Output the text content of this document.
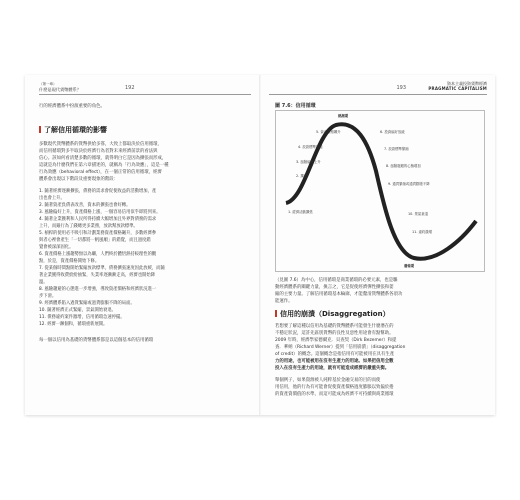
（第一章）
什麼是現代貨幣體系？	192
行的經濟體系中扮演重要的角色。
了解信用循環的影響
多數現代貨幣體系的貨幣供給多寡，大致上都取決於信用循環，
而信用循環對多半取決於經濟行為者對未來經濟前景的看法與
信心。該如何看清楚多數的循環，就得明白它是因為擴張而形成，
這就是為什麼我們在第六章描述的，就稱為「行為效應」，這是一種
行為效應（behavioral effect），在一個正常的信用循環，經濟
體系會出現以下階段及重要現象的階段：
1. 隨著經濟逐漸擴張，債務的需求會促使收益的活動增加，產
出也會上升。
2. 隨著資產負債表改善，資本的擴張也會好轉。
3. 風險偏好上升，資產價格上漲，一個容易信用似乎即將到來。
4. 隨著企業獲利和人民所得持續大幅增加且外界對債務的需求
上升，而銀行為了錢總更多業務，放款幫放款標準。
5. 槓桿的使用必不吸引和計劃業務資產價格飆升，多數經濟參
與者心裡會產生「一切都將一帆風順」的錯覺，而且過度錯
覺會被深深固化。
6. 資產價格上漲趨勢無以為繼，人們終於體悟熱持較理性的觀
點，於是，資產價格開始下修。
7. 從某個時間點開始緊縮放款標準，債務擴張速度因此放緩，而隨
著企業獲得收費紛紛抽緊，失業率逐漸漸走高，經濟也開始降
溫。
8. 風險趨避的心態進一步增強，導致資產價格和經濟狀況進一
步下滑。
9. 經濟體系陷入過貨緊縮或過貨膨脹不降的局面。
10. 隨著經濟正式緊縮，景氣開始衰退。
11. 債務違約案件激增，信用循環急速停擺。
12. 經濟一蹶個和，循環重新展開。
每一個以信用為基礎的貨幣體系都是以這個基本的信用循環
193
資本主義投資貨幣經濟
PRAGMATIC CAPITALISM
圖 7.6：信用循環
熱潮期
蕭條期
5. 資產價格飆升
4. 放款標準放鬆
3. 風險偏好上升
2. 擴張
1. 經濟活動擴張
6. 投資偏好放緩
7. 放款標準緊縮
8. 風險趨避的心態增加
9. 通貨緊縮或通貨膨脹不降
10. 景氣衰退
11. 違約激增
（見圖 7.6）為中心，信用循環是商業循環的必要元素，也是驅
動經濟體系的關鍵力量，換言之，它是促使經濟彈性擴張和萎
縮的主要力量。了解信用循環基本輪廓，才能釐清貨幣體系各項功
能運作。
信用的崩潰（Disaggregation）
若想要了解這種以信用為基礎的貨幣體系可能發生什麼潛在的
不穩定狀況，這許先區別貨幣的良性及惡性用途會有點幫助。
2009 年時，經濟學家德爾克．貝查契（Dirk Bezemer）和提
查．華納（Richard Werner）提到「信用崩潰」（disaggregation
of credit）的概念。這個概念是指信用有可能被用在具有生產
力的用途，也可能被用在沒有生產力的用途。如果把信用全數
投入在沒有生產力的用途，就有可能造成經濟的嚴重失衡。
舉個例子，如果資源被人純粹基於金融交易的目的而使
用信用，他的行為有可能會促使資產價格過度膨脹以致偏於捲
的資產資價值的水準，而這可能成為經濟不可持續與商業循環
